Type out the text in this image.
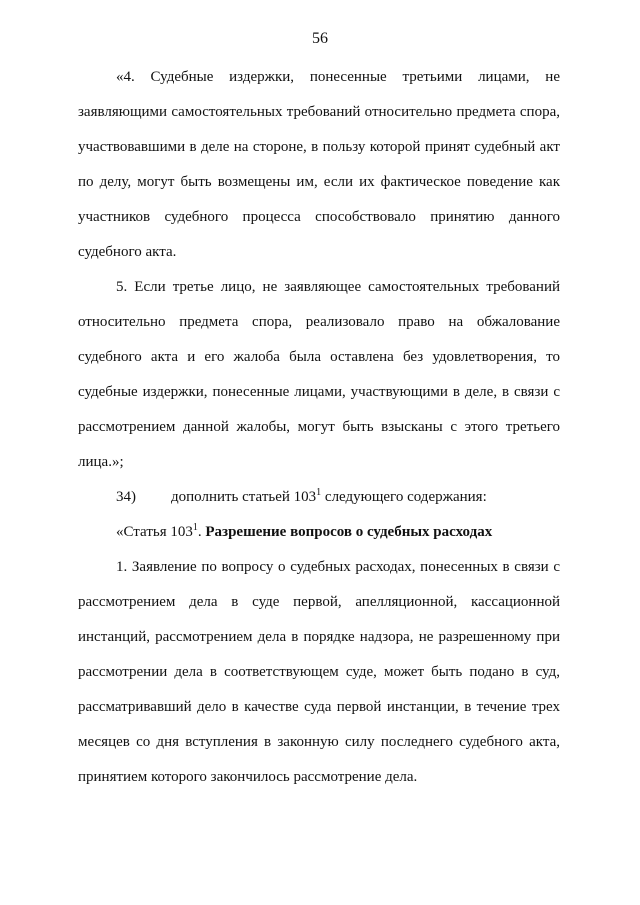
56

«4. Судебные издержки, понесенные третьими лицами, не заявляющими самостоятельных требований относительно предмета спора, участвовавшими в деле на стороне, в пользу которой принят судебный акт по делу, могут быть возмещены им, если их фактическое поведение как участников судебного процесса способствовало принятию данного судебного акта.

5. Если третье лицо, не заявляющее самостоятельных требований относительно предмета спора, реализовало право на обжалование судебного акта и его жалоба была оставлена без удовлетворения, то судебные издержки, понесенные лицами, участвующими в деле, в связи с рассмотрением данной жалобы, могут быть взысканы с этого третьего лица.»;

34) дополнить статьей $103^1$ следующего содержания:

«Статья $103^1$. Разрешение вопросов о судебных расходах

1. Заявление по вопросу о судебных расходах, понесенных в связи с рассмотрением дела в суде первой, апелляционной, кассационной инстанций, рассмотрением дела в порядке надзора, не разрешенному при рассмотрении дела в соответствующем суде, может быть подано в суд, рассматривавший дело в качестве суда первой инстанции, в течение трех месяцев со дня вступления в законную силу последнего судебного акта, принятием которого закончилось рассмотрение дела.
